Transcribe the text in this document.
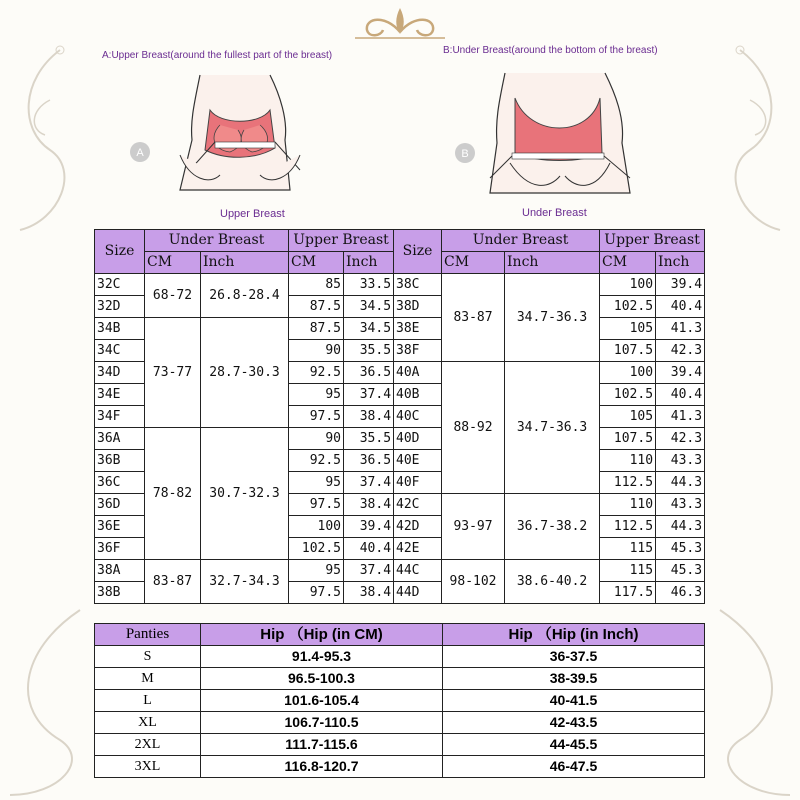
A:Upper Breast(around the fullest part of the breast)	B:Under Breast(around the bottom of the breast)
A
Upper Breast
B
Under Breast
Size	Under Breast		Upper Breast		Size	Under Breast		Upper Breast	
	CM	Inch	CM	Inch		CM	Inch	CM	Inch
32C	68-72	26.8-28.4	85	33.5	38C	83-87	34.7-36.3	100	39.4
32D			87.5	34.5	38D			102.5	40.4
34B	73-77	28.7-30.3	87.5	34.5	38E			105	41.3
34C			90	35.5	38F			107.5	42.3
34D			92.5	36.5	40A	88-92	34.7-36.3	100	39.4
34E			95	37.4	40B			102.5	40.4
34F			97.5	38.4	40C			105	41.3
36A	78-82	30.7-32.3	90	35.5	40D			107.5	42.3
36B			92.5	36.5	40E			110	43.3
36C			95	37.4	40F			112.5	44.3
36D			97.5	38.4	42C	93-97	36.7-38.2	110	43.3
36E			100	39.4	42D			112.5	44.3
36F			102.5	40.4	42E			115	45.3
38A	83-87	32.7-34.3	95	37.4	44C	98-102	38.6-40.2	115	45.3
38B			97.5	38.4	44D			117.5	46.3
Panties	Hip （Hip (in CM)	Hip （Hip (in Inch)
S	91.4-95.3	36-37.5
M	96.5-100.3	38-39.5
L	101.6-105.4	40-41.5
XL	106.7-110.5	42-43.5
2XL	111.7-115.6	44-45.5
3XL	116.8-120.7	46-47.5
